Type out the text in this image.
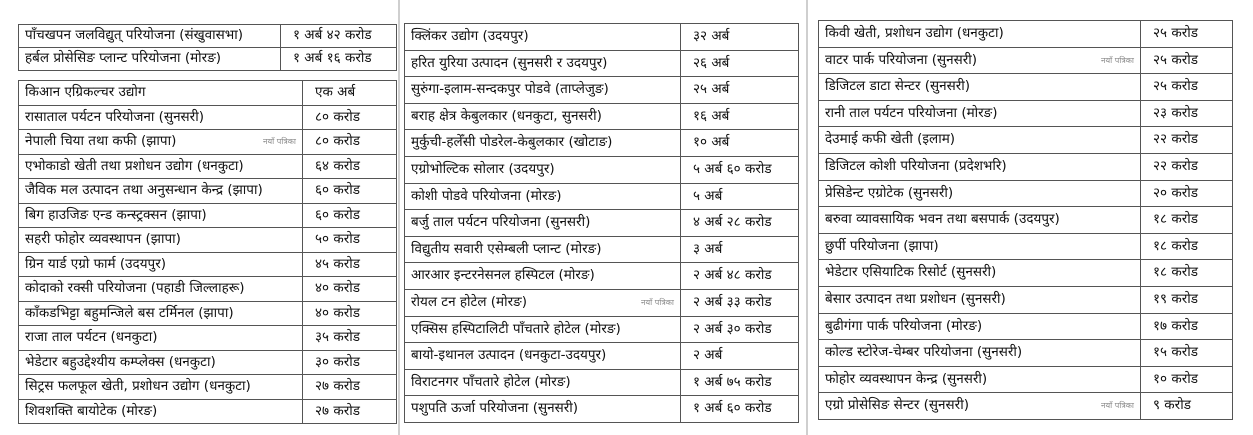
पाँचखपन जलविद्युत् परियोजना (संखुवासभा)	१ अर्ब ४२ करोड
हर्बल प्रोसेसिङ प्लान्ट परियोजना (मोरङ)	१ अर्ब १६ करोड
किआन एग्रिकल्चर उद्योग	एक अर्ब
रासाताल पर्यटन परियोजना (सुनसरी)	८० करोड
नेपाली चिया तथा कफी (झापा) नयाँ पत्रिका	८० करोड
एभोकाडो खेती तथा प्रशोधन उद्योग (धनकुटा)	६४ करोड
जैविक मल उत्पादन तथा अनुसन्धान केन्द्र (झापा)	६० करोड
बिग हाउजिङ एन्ड कन्स्ट्रक्सन (झापा)	६० करोड
सहरी फोहोर व्यवस्थापन (झापा)	५० करोड
ग्रिन यार्ड एग्रो फार्म (उदयपुर)	४५ करोड
कोदाको रक्सी परियोजना (पहाडी जिल्लाहरू)	४० करोड
काँकडभिट्टा बहुमन्जिले बस टर्मिनल (झापा)	४० करोड
राजा ताल पर्यटन (धनकुटा)	३५ करोड
भेडेटार बहुउद्देश्यीय कम्प्लेक्स (धनकुटा)	३० करोड
सिट्रस फलफूल खेती, प्रशोधन उद्योग (धनकुटा)	२७ करोड
शिवशक्ति बायोटेक (मोरङ)	२७ करोड
क्लिंकर उद्योग (उदयपुर)	३२ अर्ब
हरित युरिया उत्पादन (सुनसरी र उदयपुर)	२६ अर्ब
सुरुंगा-इलाम-सन्दकपुर पोडवे (ताप्लेजुङ)	२५ अर्ब
बराह क्षेत्र केबुलकार (धनकुटा, सुनसरी)	१६ अर्ब
मुर्कुची-हलेँसी पोडरेल-केबुलकार (खोटाङ)	१० अर्ब
एग्रोभोल्टिक सोलार (उदयपुर)	५ अर्ब ६० करोड
कोशी पोडवे परियोजना (मोरङ)	५ अर्ब
बर्जु ताल पर्यटन परियोजना (सुनसरी)	४ अर्ब २८ करोड
विद्युतीय सवारी एसेम्बली प्लान्ट (मोरङ)	३ अर्ब
आरआर इन्टरनेसनल हस्पिटल (मोरङ)	२ अर्ब ४८ करोड
रोयल टन होटेल (मोरङ) नयाँ पत्रिका	२ अर्ब ३३ करोड
एक्सिस हस्पिटालिटी पाँचतारे होटेल (मोरङ)	२ अर्ब ३० करोड
बायो-इथानल उत्पादन (धनकुटा-उदयपुर)	२ अर्ब
विराटनगर पाँचतारे होटेल (मोरङ)	१ अर्ब ७५ करोड
पशुपति ऊर्जा परियोजना (सुनसरी)	१ अर्ब ६० करोड
किवी खेती, प्रशोधन उद्योग (धनकुटा)	२५ करोड
वाटर पार्क परियोजना (सुनसरी) नयाँ पत्रिका	२५ करोड
डिजिटल डाटा सेन्टर (सुनसरी)	२५ करोड
रानी ताल पर्यटन परियोजना (मोरङ)	२३ करोड
देउमाई कफी खेती (इलाम)	२२ करोड
डिजिटल कोशी परियोजना (प्रदेशभरि)	२२ करोड
प्रेसिडेन्ट एग्रोटेक (सुनसरी)	२० करोड
बरुवा व्यावसायिक भवन तथा बसपार्क (उदयपुर)	१८ करोड
छुर्पी परियोजना (झापा)	१८ करोड
भेडेटार एसियाटिक रिसोर्ट (सुनसरी)	१८ करोड
बेसार उत्पादन तथा प्रशोधन (सुनसरी)	१९ करोड
बुढीगंगा पार्क परियोजना (मोरङ)	१७ करोड
कोल्ड स्टोरेज-चेम्बर परियोजना (सुनसरी)	१५ करोड
फोहोर व्यवस्थापन केन्द्र (सुनसरी)	१० करोड
एग्रो प्रोसेसिङ सेन्टर (सुनसरी) नयाँ पत्रिका	९ करोड
